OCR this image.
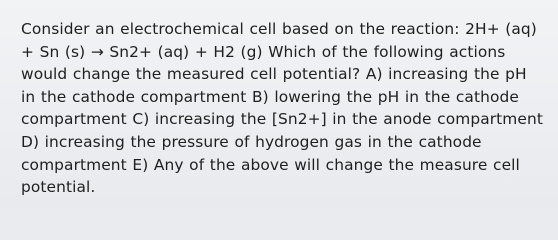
Consider an electrochemical cell based on the reaction: 2H+ (aq) + Sn (s) → Sn2+ (aq) + H2 (g) Which of the following actions would change the measured cell potential? A) increasing the pH in the cathode compartment B) lowering the pH in the cathode compartment C) increasing the [Sn2+] in the anode compartment D) increasing the pressure of hydrogen gas in the cathode compartment E) Any of the above will change the measure cell potential.
